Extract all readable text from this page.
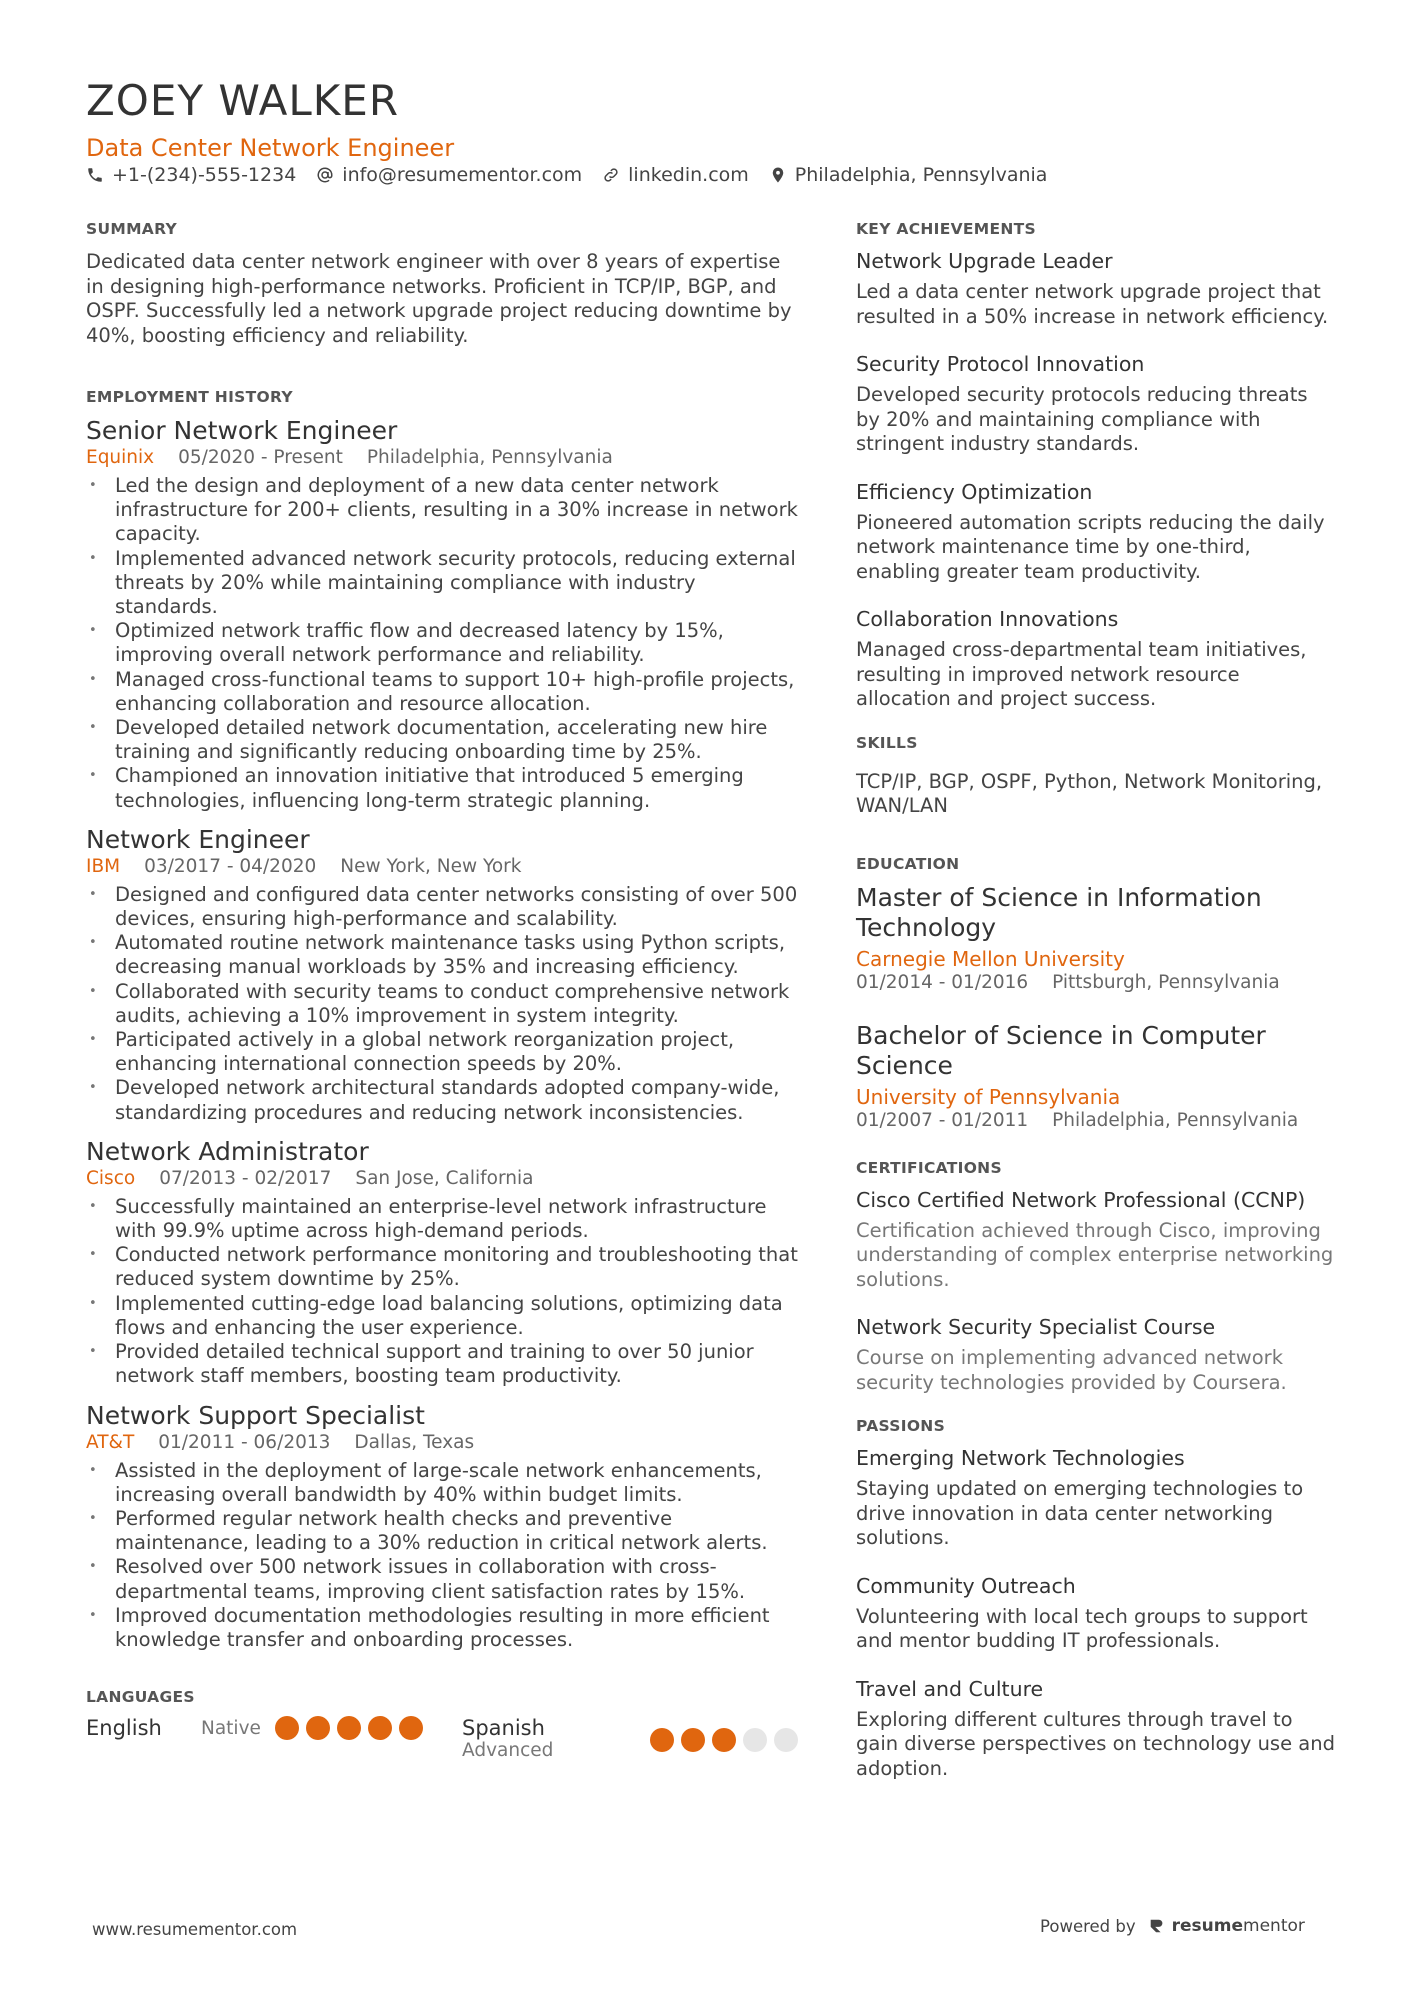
ZOEY WALKER
Data Center Network Engineer
+1-(234)-555-1234 info@resumementor.com linkedin.com Philadelphia, Pennsylvania
SUMMARY

Dedicated data center network engineer with over 8 years of expertise in designing high-performance networks. Proficient in TCP/IP, BGP, and OSPF. Successfully led a network upgrade project reducing downtime by 40%, boosting efficiency and reliability.

EMPLOYMENT HISTORY
Senior Network Engineer
Equinix 05/2020 - Present Philadelphia, Pennsylvania
• Led the design and deployment of a new data center network infrastructure for 200+ clients, resulting in a 30% increase in network capacity.
• Implemented advanced network security protocols, reducing external threats by 20% while maintaining compliance with industry standards.
• Optimized network traffic flow and decreased latency by 15%, improving overall network performance and reliability.
• Managed cross-functional teams to support 10+ high-profile projects, enhancing collaboration and resource allocation.
• Developed detailed network documentation, accelerating new hire training and significantly reducing onboarding time by 25%.
• Championed an innovation initiative that introduced 5 emerging technologies, influencing long-term strategic planning.
Network Engineer
IBM 03/2017 - 04/2020 New York, New York
• Designed and configured data center networks consisting of over 500 devices, ensuring high-performance and scalability.
• Automated routine network maintenance tasks using Python scripts, decreasing manual workloads by 35% and increasing efficiency.
• Collaborated with security teams to conduct comprehensive network audits, achieving a 10% improvement in system integrity.
• Participated actively in a global network reorganization project, enhancing international connection speeds by 20%.
• Developed network architectural standards adopted company-wide, standardizing procedures and reducing network inconsistencies.
Network Administrator
Cisco 07/2013 - 02/2017 San Jose, California
• Successfully maintained an enterprise-level network infrastructure with 99.9% uptime across high-demand periods.
• Conducted network performance monitoring and troubleshooting that reduced system downtime by 25%.
• Implemented cutting-edge load balancing solutions, optimizing data flows and enhancing the user experience.
• Provided detailed technical support and training to over 50 junior network staff members, boosting team productivity.
Network Support Specialist
AT&T 01/2011 - 06/2013 Dallas, Texas
• Assisted in the deployment of large-scale network enhancements, increasing overall bandwidth by 40% within budget limits.
• Performed regular network health checks and preventive maintenance, leading to a 30% reduction in critical network alerts.
• Resolved over 500 network issues in collaboration with cross-departmental teams, improving client satisfaction rates by 15%.
• Improved documentation methodologies resulting in more efficient knowledge transfer and onboarding processes.
LANGUAGES
English	Native	Spanish
Advanced
KEY ACHIEVEMENTS
Network Upgrade Leader

Led a data center network upgrade project that resulted in a 50% increase in network efficiency.

Security Protocol Innovation

Developed security protocols reducing threats by 20% and maintaining compliance with stringent industry standards.

Efficiency Optimization

Pioneered automation scripts reducing the daily network maintenance time by one-third, enabling greater team productivity.

Collaboration Innovations

Managed cross-departmental team initiatives, resulting in improved network resource allocation and project success.

SKILLS

TCP/IP, BGP, OSPF, Python, Network Monitoring, WAN/LAN

EDUCATION
Master of Science in Information Technology
Carnegie Mellon University
01/2014 - 01/2016 Pittsburgh, Pennsylvania
Bachelor of Science in Computer Science
University of Pennsylvania
01/2007 - 01/2011 Philadelphia, Pennsylvania
CERTIFICATIONS
Cisco Certified Network Professional (CCNP)

Certification achieved through Cisco, improving understanding of complex enterprise networking solutions.

Network Security Specialist Course

Course on implementing advanced network security technologies provided by Coursera.

PASSIONS
Emerging Network Technologies

Staying updated on emerging technologies to drive innovation in data center networking solutions.

Community Outreach

Volunteering with local tech groups to support and mentor budding IT professionals.

Travel and Culture

Exploring different cultures through travel to gain diverse perspectives on technology use and adoption.

www.resumementor.com	Powered by resume mentor
